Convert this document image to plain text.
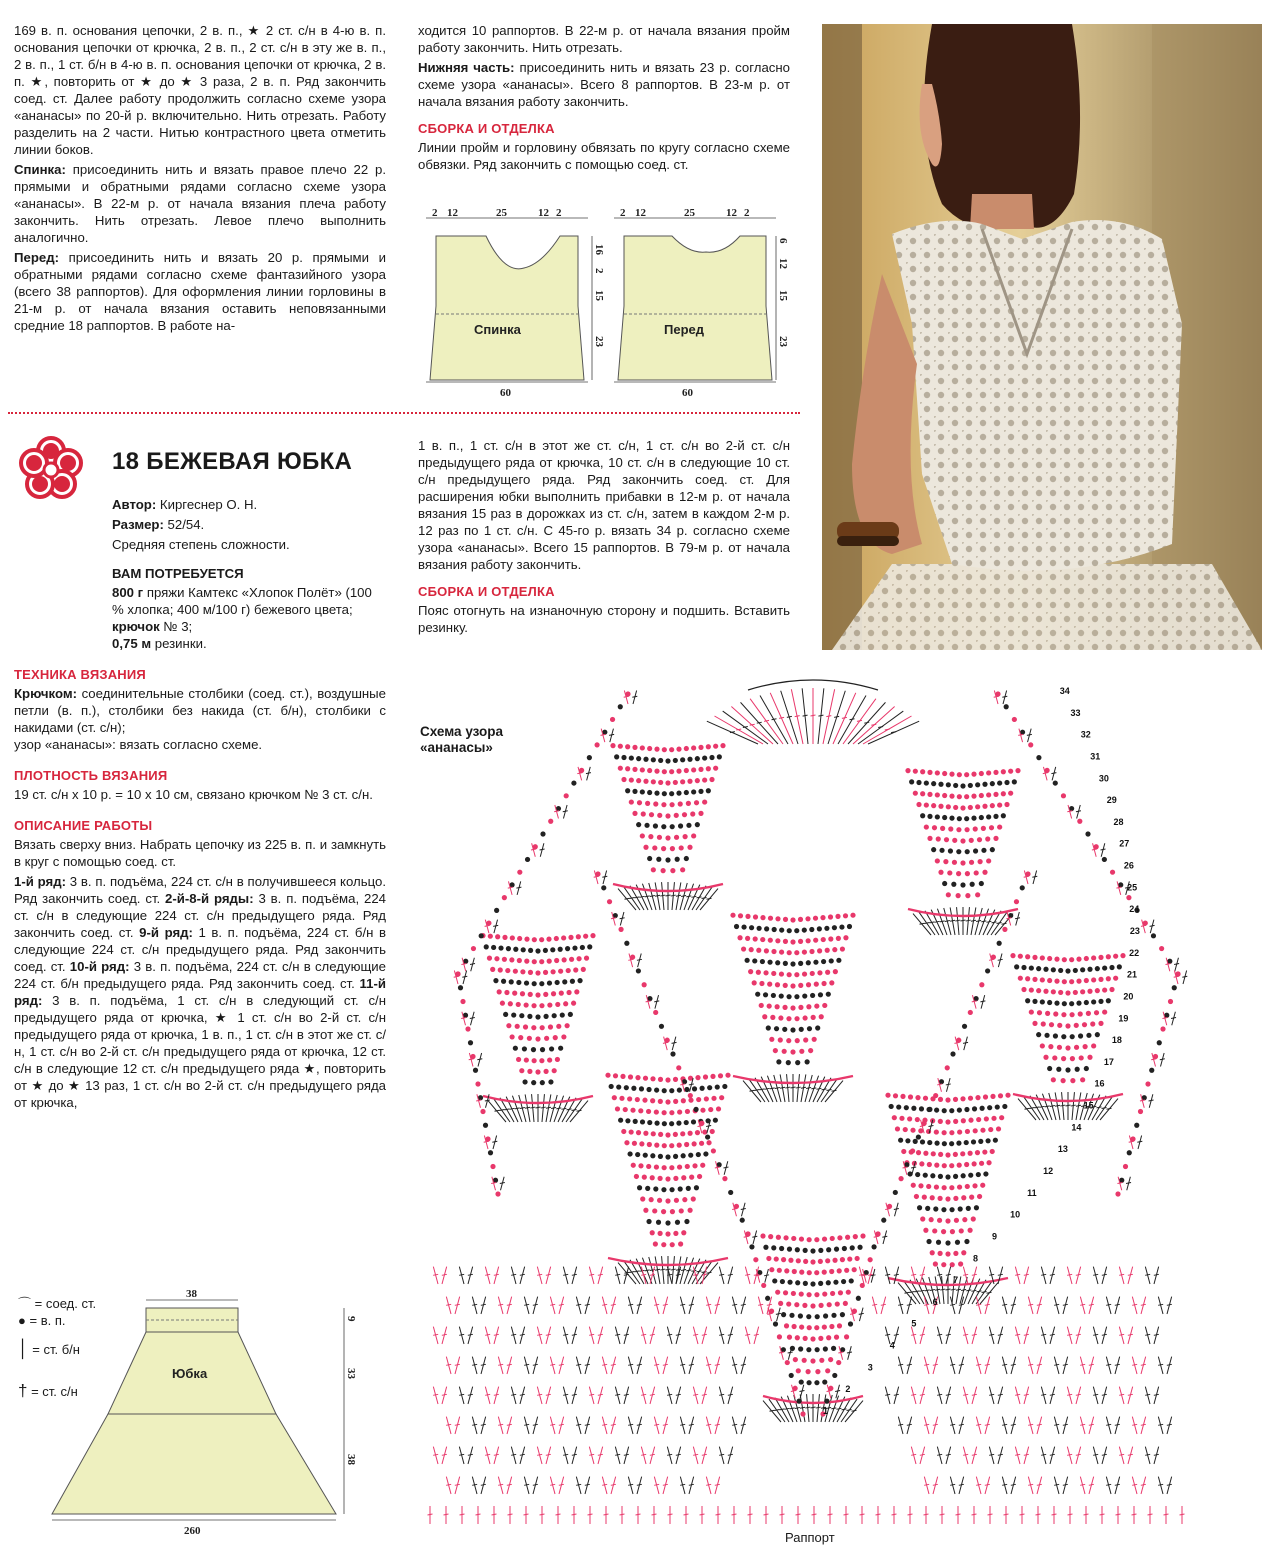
169 в. п. основания цепочки, 2 в. п., ★ 2 ст. с/н в 4-ю в. п. основания цепочки от крючка, 2 в. п., 2 ст. с/н в эту же в. п., 2 в. п., 1 ст. б/н в 4-ю в. п. основания цепочки от крючка, 2 в. п. ★, повторить от ★ до ★ 3 раза, 2 в. п. Ряд закончить соед. ст. Далее работу продолжить согласно схеме узора «ананасы» по 20-й р. включительно. Нить отрезать. Работу разделить на 2 части. Нитью контрастного цвета отметить линии боков.

Спинка: присоединить нить и вязать правое плечо 22 р. прямыми и обратными рядами согласно схеме узора «ананасы». В 22-м р. от начала вязания плеча работу закончить. Нить отрезать. Левое плечо выполнить аналогично.

Перед: присоединить нить и вязать 20 р. прямыми и обратными рядами согласно схеме фантазийного узора (всего 38 раппортов). Для оформления линии горловины в 21-м р. от начала вязания оставить неповязанными средние 18 раппортов. В работе на-

ходится 10 раппортов. В 22-м р. от начала вязания пройм работу закончить. Нить отрезать.

Нижняя часть: присоединить нить и вязать 23 р. согласно схеме узора «ананасы». Всего 8 раппортов. В 23-м р. от начала вязания работу закончить.

СБОРКА И ОТДЕЛКА

Линии пройм и горловину обвязать по кругу согласно схеме обвязки. Ряд закончить с помощью соед. ст.

2 12	25	12 2
16
2
15
23
Спинка
60
2 12	25	12 2
6
12
15
23
Перед
60
18 БЕЖЕВАЯ ЮБКА

Автор: Киргеснер О. Н.

Размер: 52/54.

Средняя степень сложности.

ВАМ ПОТРЕБУЕТСЯ

800 г пряжи Камтекс «Хлопок Полёт» (100 % хлопка; 400 м/100 г) бежевого цвета;
крючок № 3;
0,75 м резинки.

ТЕХНИКА ВЯЗАНИЯ

Крючком: соединительные столбики (соед. ст.), воздушные петли (в. п.), столбики без накида (ст. б/н), столбики с накидами (ст. с/н);
узор «ананасы»: вязать согласно схеме.

ПЛОТНОСТЬ ВЯЗАНИЯ

19 ст. с/н х 10 р. = 10 х 10 см, связано крючком № 3 ст. с/н.

ОПИСАНИЕ РАБОТЫ

Вязать сверху вниз. Набрать цепочку из 225 в. п. и замкнуть в круг с помощью соед. ст.

1-й ряд: 3 в. п. подъёма, 224 ст. с/н в получившееся кольцо. Ряд закончить соед. ст. 2-й-8-й ряды: 3 в. п. подъёма, 224 ст. с/н в следующие 224 ст. с/н предыдущего ряда. Ряд закончить соед. ст. 9-й ряд: 1 в. п. подъёма, 224 ст. б/н в следующие 224 ст. с/н предыдущего ряда. Ряд закончить соед. ст. 10-й ряд: 3 в. п. подъёма, 224 ст. с/н в следующие 224 ст. б/н предыдущего ряда. Ряд закончить соед. ст. 11-й ряд: 3 в. п. подъёма, 1 ст. с/н в следующий ст. с/н предыдущего ряда от крючка, ★ 1 ст. с/н во 2-й ст. с/н предыдущего ряда от крючка, 1 в. п., 1 ст. с/н в этот же ст. с/н, 1 ст. с/н во 2-й ст. с/н предыдущего ряда от крючка, 12 ст. с/н в следующие 12 ст. с/н предыдущего ряда ★, повторить от ★ до ★ 13 раз, 1 ст. с/н во 2-й ст. с/н предыдущего ряда от крючка,

1 в. п., 1 ст. с/н в этот же ст. с/н, 1 ст. с/н во 2-й ст. с/н предыдущего ряда от крючка, 10 ст. с/н в следующие 10 ст. с/н предыдущего ряда. Ряд закончить соед. ст. Для расширения юбки выполнить прибавки в 12-м р. от начала вязания 15 раз в дорожках из ст. с/н, затем в каждом 2-м р. 12 раз по 1 ст. с/н. С 45-го р. вязать 34 р. согласно схеме узора «ананасы». Всего 15 раппортов. В 79-м р. от начала вязания работу закончить.

СБОРКА И ОТДЕЛКА

Пояс отогнуть на изнаночную сторону и подшить. Вставить резинку.

⌒ = соед. ст.
● = в. п.
│ = ст. б/н
† = ст. с/н
38
Юбка
9
33
38
260
Схема узора
«ананасы»
1
2
3
4
5
6
7
8
9
10
11
12
13
14
15
16
17
18
19
20
21
22
23
24
25
26
27
28
29
30
31
32
33
34
Раппорт
